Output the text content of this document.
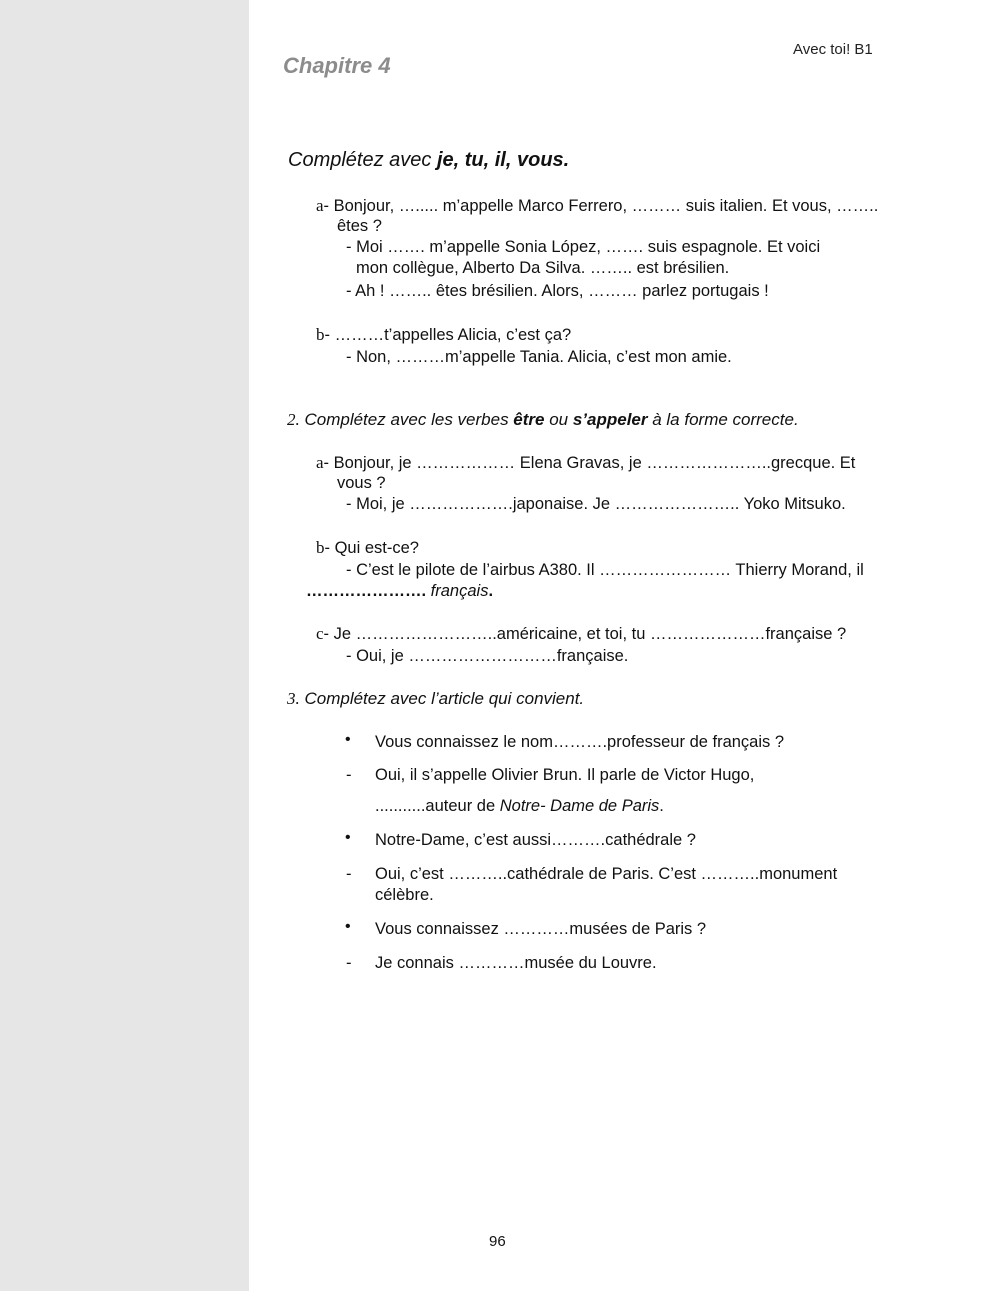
Avec toi! B1
Chapitre 4
Complétez avec je, tu, il, vous.
a- Bonjour, …..... m’appelle Marco Ferrero, ……… suis italien. Et vous, ……..
êtes ?
- Moi ……. m’appelle Sonia López, ……. suis espagnole. Et voici
mon collègue, Alberto Da Silva. …….. est brésilien.
- Ah ! …….. êtes brésilien. Alors, ……… parlez portugais !
b- ………t’appelles Alicia, c’est ça?
- Non, ………m’appelle Tania. Alicia, c’est mon amie.
2. Complétez avec les verbes être ou s’appeler à la forme correcte.
a- Bonjour, je ……………… Elena Gravas, je …………………..grecque. Et
vous ?
- Moi, je ……………….japonaise. Je ………………….. Yoko Mitsuko.
b- Qui est-ce?
- C’est le pilote de l’airbus A380. Il …………………… Thierry Morand, il
…………………. français.
c- Je ……………………..américaine, et toi, tu …………………française ?
- Oui, je ………………………française.
3. Complétez avec l’article qui convient.
• Vous connaissez le nom……….professeur de français ?
- Oui, il s’appelle Olivier Brun. Il parle de Victor Hugo,
...........auteur de Notre- Dame de Paris.
• Notre-Dame, c’est aussi……….cathédrale ?
- Oui, c’est ………..cathédrale de Paris. C’est ………..monument
célèbre.
• Vous connaissez …………musées de Paris ?
- Je connais …………musée du Louvre.
96
